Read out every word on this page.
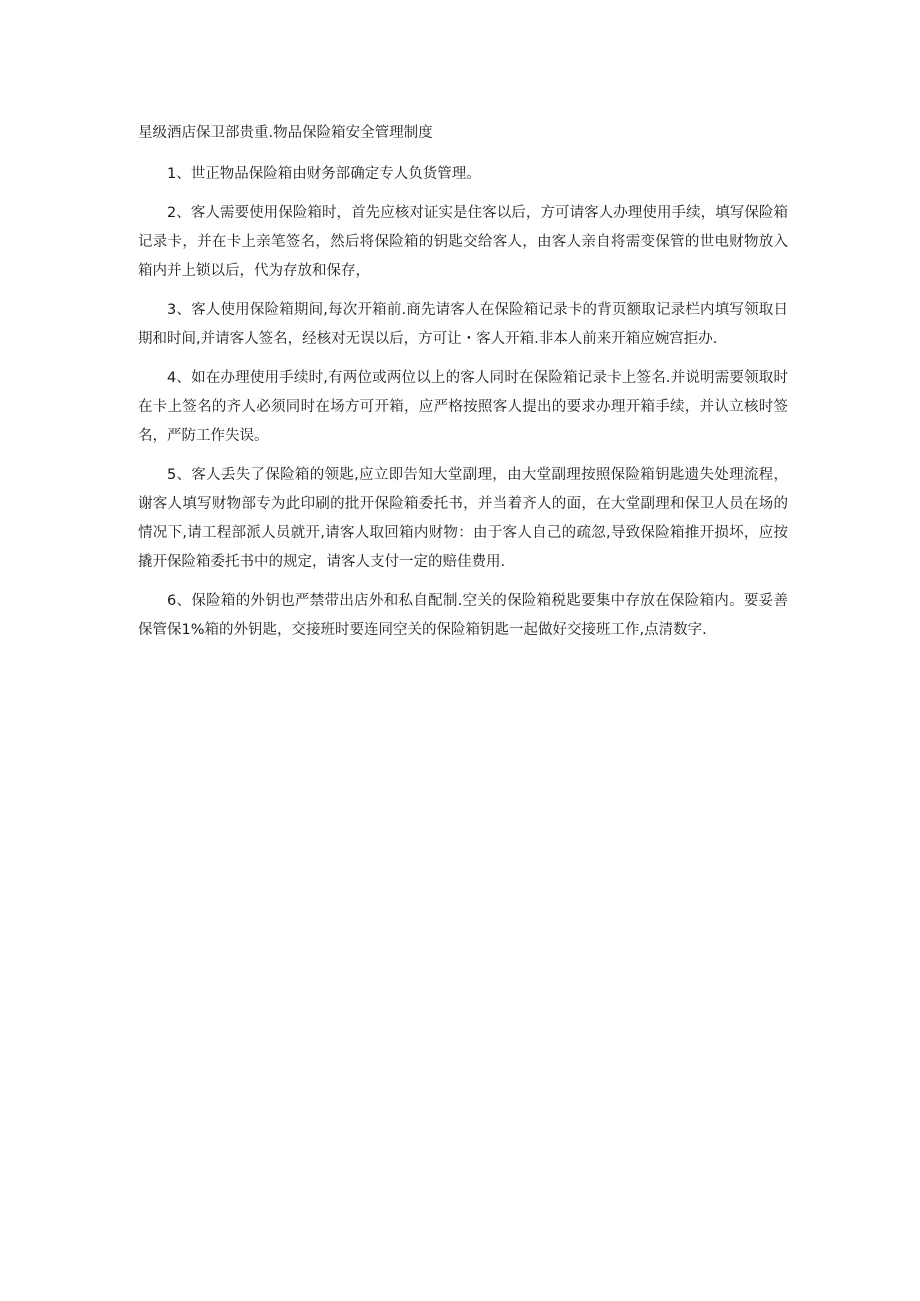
星级酒店保卫部贵重.物品保险箱安全管理制度

1、世正物品保险箱由财务部确定专人负货管理。

2、客人需要使用保险箱时，首先应核对证实是住客以后，方可请客人办理使用手续，填写保险箱记录卡，并在卡上亲笔签名，然后将保险箱的钥匙交给客人，由客人亲自将需变保管的世电财物放入箱内并上锁以后，代为存放和保存，

3、客人使用保险箱期间,每次开箱前.商先请客人在保险箱记录卡的背页额取记录栏内填写领取日期和时间,并请客人签名，经核对无误以后，方可让・客人开箱.非本人前来开箱应婉宫拒办.

4、如在办理使用手续时,有两位或两位以上的客人同时在保险箱记录卡上签名.并说明需要领取时在卡上签名的齐人必须同时在场方可开箱，应严格按照客人提出的要求办理开箱手续，并认立核时签名，严防工作失误。

5、客人丢失了保险箱的领匙,应立即告知大堂副理，由大堂副理按照保险箱钥匙遗失处理流程，谢客人填写财物部专为此印刷的批开保险箱委托书，并当着齐人的面，在大堂副理和保卫人员在场的情况下,请工程部派人员就开,请客人取回箱内财物：由于客人自己的疏忽,导致保险箱推开损坏，应按撬开保险箱委托书中的规定，请客人支付一定的赔佳费用.

6、保险箱的外钥也严禁带出店外和私自配制.空关的保险箱税匙要集中存放在保险箱内。要妥善保管保1%箱的外钥匙，交接班时要连同空关的保险箱钥匙一起做好交接班工作,点清数字.
